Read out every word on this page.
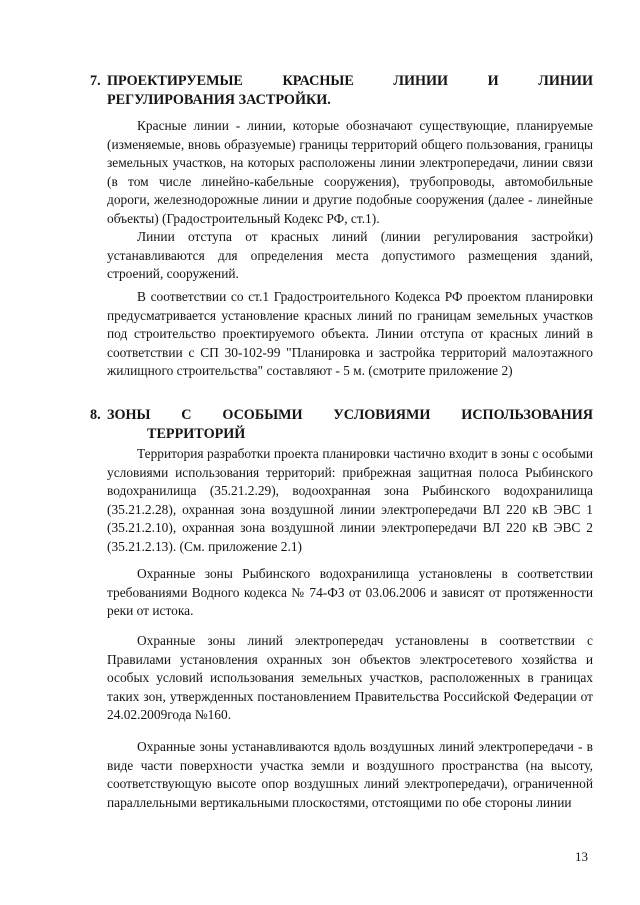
7. ПРОЕКТИРУЕМЫЕ КРАСНЫЕ ЛИНИИ И ЛИНИИ
РЕГУЛИРОВАНИЯ ЗАСТРОЙКИ.
Красные линии - линии, которые обозначают существующие, планируемые (изменяемые, вновь образуемые) границы территорий общего пользования, границы земельных участков, на которых расположены линии электропередачи, линии связи (в том числе линейно-кабельные сооружения), трубопроводы, автомобильные дороги, железнодорожные линии и другие подобные сооружения (далее - линейные объекты) (Градостроительный Кодекс РФ, ст.1).
Линии отступа от красных линий (линии регулирования застройки) устанавливаются для определения места допустимого размещения зданий, строений, сооружений.
В соответствии со ст.1 Градостроительного Кодекса РФ проектом планировки предусматривается установление красных линий по границам земельных участков под строительство проектируемого объекта. Линии отступа от красных линий в соответствии с СП 30-102-99 "Планировка и застройка территорий малоэтажного жилищного строительства" составляют - 5 м. (смотрите приложение 2)
8. ЗОНЫ С ОСОБЫМИ УСЛОВИЯМИ ИСПОЛЬЗОВАНИЯ
ТЕРРИТОРИЙ
Территория разработки проекта планировки частично входит в зоны с особыми условиями использования территорий: прибрежная защитная полоса Рыбинского водохранилища (35.21.2.29), водоохранная зона Рыбинского водохранилища (35.21.2.28), охранная зона воздушной линии электропередачи ВЛ 220 кВ ЭВС 1 (35.21.2.10), охранная зона воздушной линии электропередачи ВЛ 220 кВ ЭВС 2 (35.21.2.13). (См. приложение 2.1)
Охранные зоны Рыбинского водохранилища установлены в соответствии требованиями Водного кодекса № 74-ФЗ от 03.06.2006 и зависят от протяженности реки от истока.
Охранные зоны линий электропередач установлены в соответствии с Правилами установления охранных зон объектов электросетевого хозяйства и особых условий использования земельных участков, расположенных в границах таких зон, утвержденных постановлением Правительства Российской Федерации от 24.02.2009года №160.
Охранные зоны устанавливаются вдоль воздушных линий электропередачи - в виде части поверхности участка земли и воздушного пространства (на высоту, соответствующую высоте опор воздушных линий электропередачи), ограниченной параллельными вертикальными плоскостями, отстоящими по обе стороны линии
13
